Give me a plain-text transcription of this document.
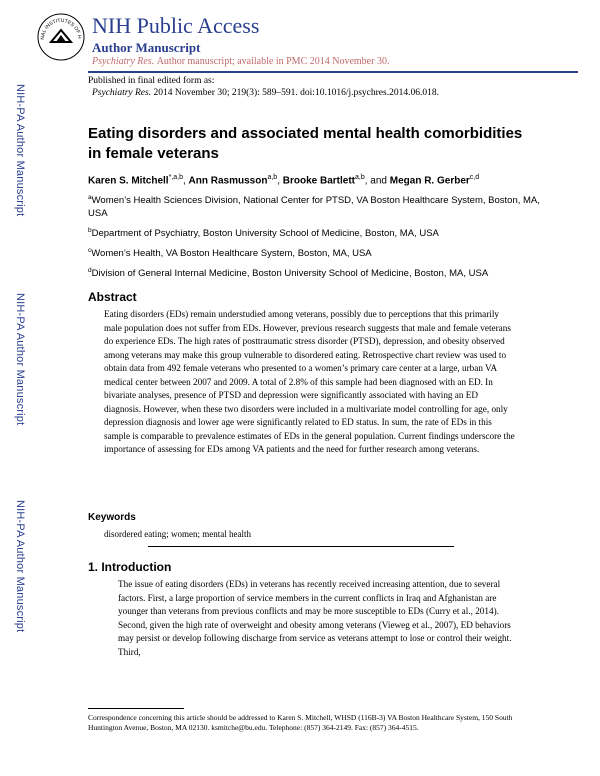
NAL INSTITUTES OF H NIH Public Access
Author Manuscript
Psychiatry Res. Author manuscript; available in PMC 2014 November 30.
Published in final edited form as:
Psychiatry Res. 2014 November 30; 219(3): 589–591. doi:10.1016/j.psychres.2014.06.018.
NIH-PA Author Manuscript
NIH-PA Author Manuscript
NIH-PA Author Manuscript
Eating disorders and associated mental health comorbidities in female veterans
Karen S. Mitchell$^{*,a,b}$, Ann Rasmusson$^{a,b}$, Brooke Bartlett$^{a,b}$, and Megan R. Gerber$^{c,d}$
$^a$Women’s Health Sciences Division, National Center for PTSD, VA Boston Healthcare System, Boston, MA, USA
$^b$Department of Psychiatry, Boston University School of Medicine, Boston, MA, USA
$^c$Women’s Health, VA Boston Healthcare System, Boston, MA, USA
$^d$Division of General Internal Medicine, Boston University School of Medicine, Boston, MA, USA
Abstract
Eating disorders (EDs) remain understudied among veterans, possibly due to perceptions that this primarily male population does not suffer from EDs. However, previous research suggests that male and female veterans do experience EDs. The high rates of posttraumatic stress disorder (PTSD), depression, and obesity observed among veterans may make this group vulnerable to disordered eating. Retrospective chart review was used to obtain data from 492 female veterans who presented to a women’s primary care center at a large, urban VA medical center between 2007 and 2009. A total of 2.8% of this sample had been diagnosed with an ED. In bivariate analyses, presence of PTSD and depression were significantly associated with having an ED diagnosis. However, when these two disorders were included in a multivariate model controlling for age, only depression diagnosis and lower age were significantly related to ED status. In sum, the rate of EDs in this sample is comparable to prevalence estimates of EDs in the general population. Current findings underscore the importance of assessing for EDs among VA patients and the need for further research among veterans.
Keywords
disordered eating; women; mental health
1. Introduction
The issue of eating disorders (EDs) in veterans has recently received increasing attention, due to several factors. First, a large proportion of service members in the current conflicts in Iraq and Afghanistan are younger than veterans from previous conflicts and may be more susceptible to EDs (Curry et al., 2014). Second, given the high rate of overweight and obesity among veterans (Vieweg et al., 2007), ED behaviors may persist or develop following discharge from service as veterans attempt to lose or control their weight. Third,
Correspondence concerning this article should be addressed to Karen S. Mitchell, WHSD (116B-3) VA Boston Healthcare System, 150 South Huntington Avenue, Boston, MA 02130. ksmitche@bu.edu. Telephone: (857) 364-2149. Fax: (857) 364-4515.
